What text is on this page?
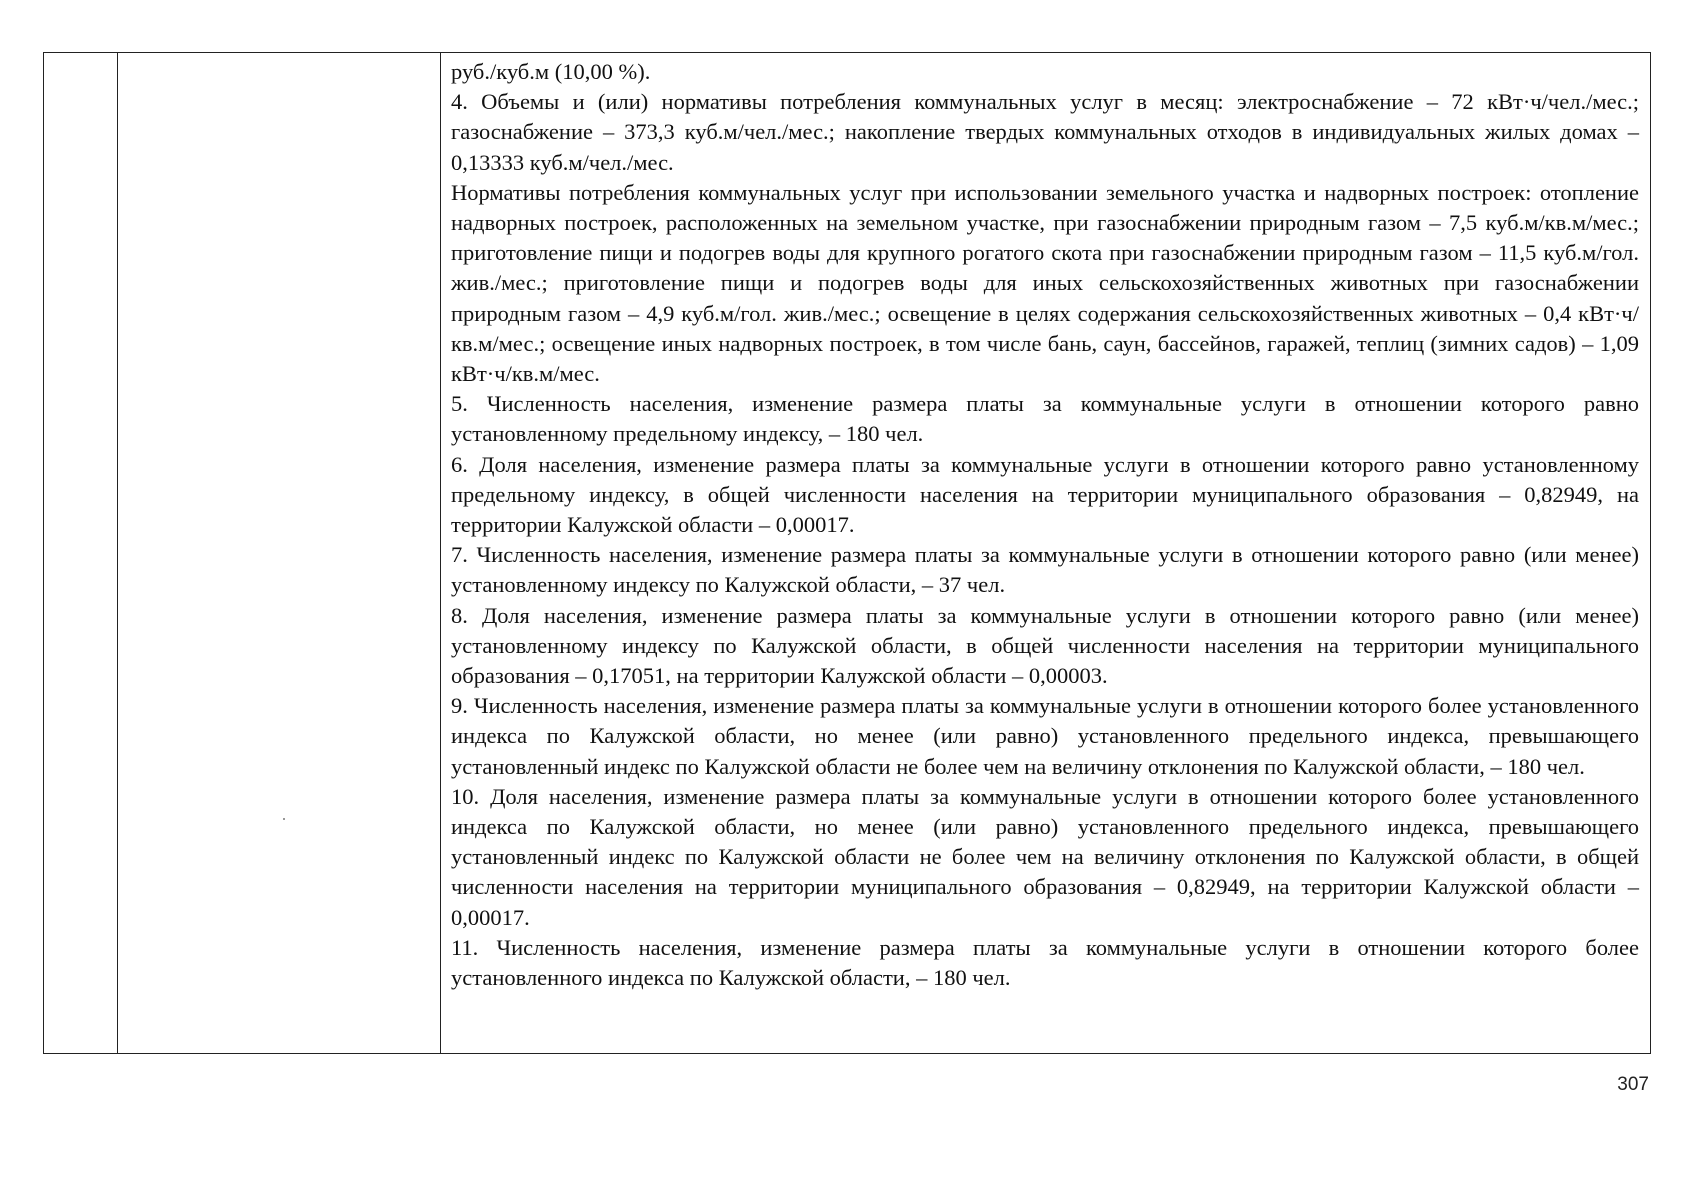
руб./куб.м (10,00 %).

4. Объемы и (или) нормативы потребления коммунальных услуг в месяц: электроснабжение – 72 кВт·ч/чел./мес.; газоснабжение – 373,3 куб.м/чел./мес.; накопление твердых коммунальных отходов в индивидуальных жилых домах – 0,13333 куб.м/чел./мес.

Нормативы потребления коммунальных услуг при использовании земельного участка и надворных построек: отопление надворных построек, расположенных на земельном участке, при газоснабжении природным газом – 7,5 куб.м/кв.м/мес.; приготовление пищи и подогрев воды для крупного рогатого скота при газоснабжении природным газом – 11,5 куб.м/гол. жив./мес.; приготовление пищи и подогрев воды для иных сельскохозяйственных животных при газоснабжении природным газом – 4,9 куб.м/гол. жив./мес.; освещение в целях содержания сельскохозяйственных животных – 0,4 кВт·ч/кв.м/мес.; освещение иных надворных построек, в том числе бань, саун, бассейнов, гаражей, теплиц (зимних садов) – 1,09 кВт·ч/кв.м/мес.

5. Численность населения, изменение размера платы за коммунальные услуги в отношении которого равно установленному предельному индексу, – 180 чел.

6. Доля населения, изменение размера платы за коммунальные услуги в отношении которого равно установленному предельному индексу, в общей численности населения на территории муниципального образования – 0,82949, на территории Калужской области – 0,00017.

7. Численность населения, изменение размера платы за коммунальные услуги в отношении которого равно (или менее) установленному индексу по Калужской области, – 37 чел.

8. Доля населения, изменение размера платы за коммунальные услуги в отношении которого равно (или менее) установленному индексу по Калужской области, в общей численности населения на территории муниципального образования – 0,17051, на территории Калужской области – 0,00003.

9. Численность населения, изменение размера платы за коммунальные услуги в отношении которого более установленного индекса по Калужской области, но менее (или равно) установленного предельного индекса, превышающего установленный индекс по Калужской области не более чем на величину отклонения по Калужской области, – 180 чел.

10. Доля населения, изменение размера платы за коммунальные услуги в отношении которого более установленного индекса по Калужской области, но менее (или равно) установленного предельного индекса, превышающего установленный индекс по Калужской области не более чем на величину отклонения по Калужской области, в общей численности населения на территории муниципального образования – 0,82949, на территории Калужской области – 0,00017.

11. Численность населения, изменение размера платы за коммунальные услуги в отношении которого более установленного индекса по Калужской области, – 180 чел.

307
